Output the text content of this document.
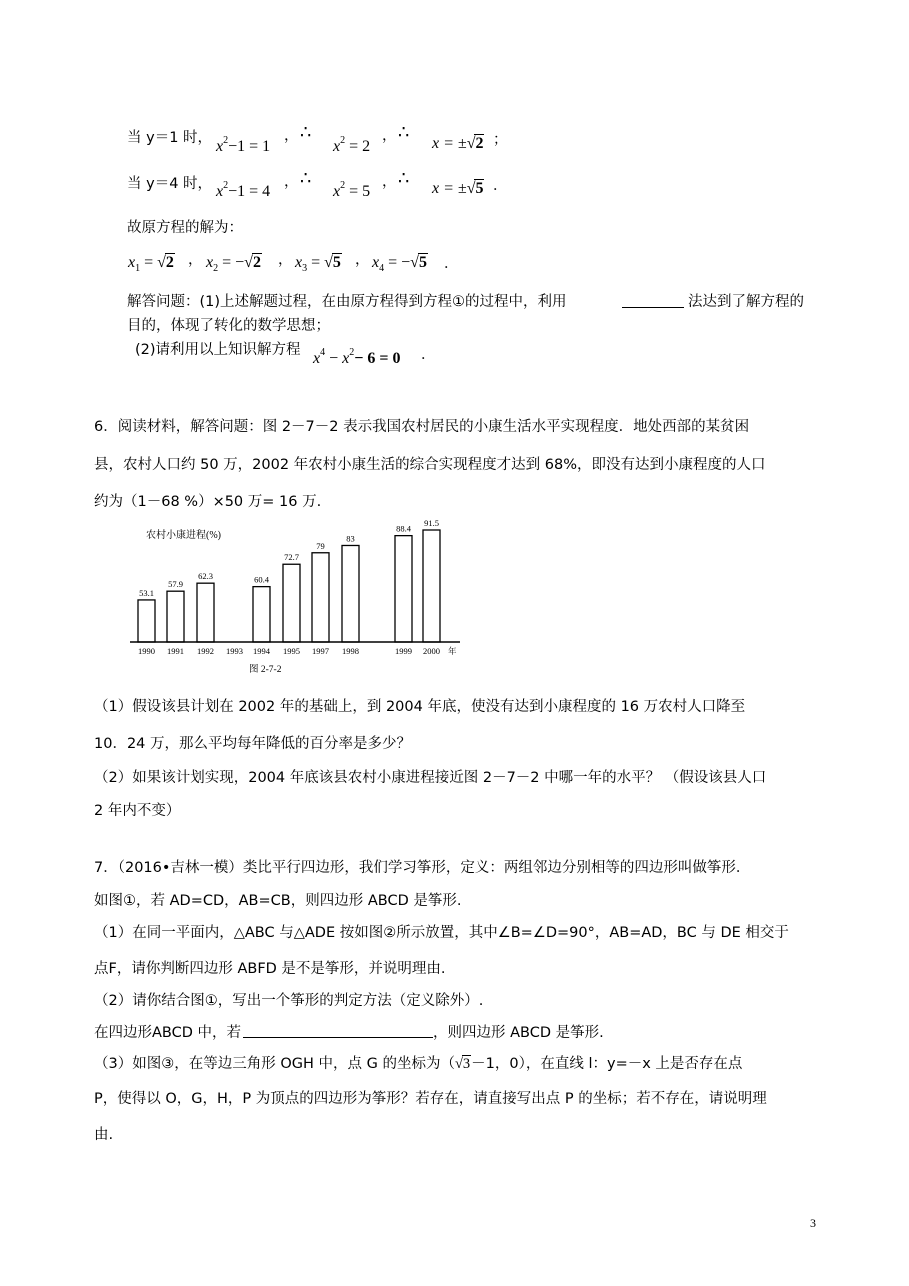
当 y＝1 时， $x^2-1 = 1$
， ∴
$x^2 = 2$
， ∴
x = ±√2 ；
当 y＝4 时， $x^2-1 = 4$
， ∴
$x^2 = 5$
， ∴ x = ±√5 ．
故原方程的解为：
$x_1 = √2$ ， $x_2 = -√2$ ， $x_3 = √5$ ， $x_4 = -√5$ ．
解答问题：(1)上述解题过程，在由原方程得到方程①的过程中，利用	法达到了解方程的
目的，体现了转化的数学思想；
(2)请利用以上知识解方程 $x^4 - x^2- 6 = 0$ ．
6．阅读材料，解答问题：图 2－7－2 表示我国农村居民的小康生活水平实现程度．地处西部的某贫困
县，农村人口约 50 万，2002 年农村小康生活的综合实现程度才达到 68%，即没有达到小康程度的人口
约为（1－68 %）×50 万= 16 万.
53.1
57.9
62.3	60.4
72.7
79
83
88.4
91.5
农村小康进程(%)
1990 1991 1992 1993 1994 1995 1997 1998	1999 2000 年
图 2-7-2
（1）假设该县计划在 2002 年的基础上，到 2004 年底，使没有达到小康程度的 16 万农村人口降至
10．24 万，那么平均每年降低的百分率是多少？
（2）如果该计划实现，2004 年底该县农村小康进程接近图 2－7－2 中哪一年的水平？ （假设该县人口
2 年内不变）
7．（2016•吉林一模）类比平行四边形，我们学习筝形，定义：两组邻边分别相等的四边形叫做筝形．
如图①，若 AD=CD，AB=CB，则四边形 ABCD 是筝形.
（1）在同一平面内，△ABC 与△ADE 按如图②所示放置，其中∠B=∠D=90°，AB=AD，BC 与 DE 相交于
点F，请你判断四边形 ABFD 是不是筝形，并说明理由.
（2）请你结合图①，写出一个筝形的判定方法（定义除外）.
在四边形ABCD 中，若	，则四边形 ABCD 是筝形.
（3）如图③，在等边三角形 OGH 中，点 G 的坐标为（√3－1，0），在直线 l：y=－x 上是否存在点
P，使得以 O，G，H，P 为顶点的四边形为筝形？若存在，请直接写出点 P 的坐标；若不存在，请说明理
由.
3
